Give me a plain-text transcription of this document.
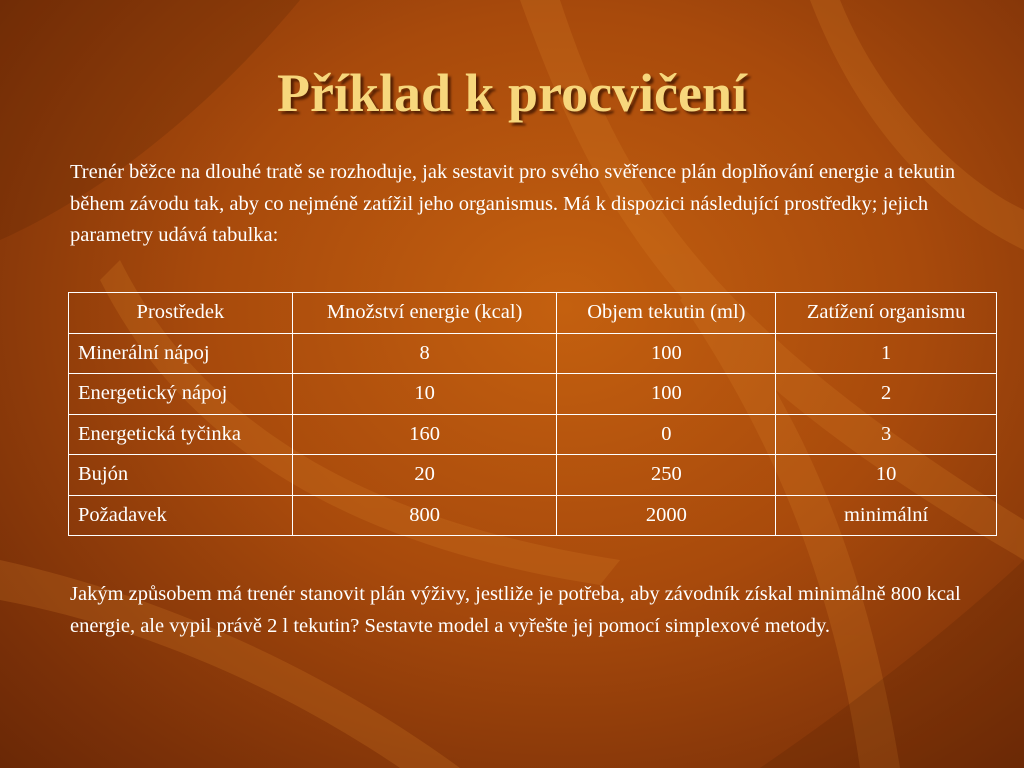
Příklad k procvičení

Trenér běžce na dlouhé tratě se rozhoduje, jak sestavit pro svého svěřence plán doplňování energie a tekutin během závodu tak, aby co nejméně zatížil jeho organismus. Má k dispozici následující prostředky; jejich parametry udává tabulka:

Prostředek	Množství energie (kcal)	Objem tekutin (ml)	Zatížení organismu
Minerální nápoj	8	100	1
Energetický nápoj	10	100	2
Energetická tyčinka	160	0	3
Bujón	20	250	10
Požadavek	800	2000	minimální

Jakým způsobem má trenér stanovit plán výživy, jestliže je potřeba, aby závodník získal minimálně 800 kcal energie, ale vypil právě 2 l tekutin? Sestavte model a vyřešte jej pomocí simplexové metody.
